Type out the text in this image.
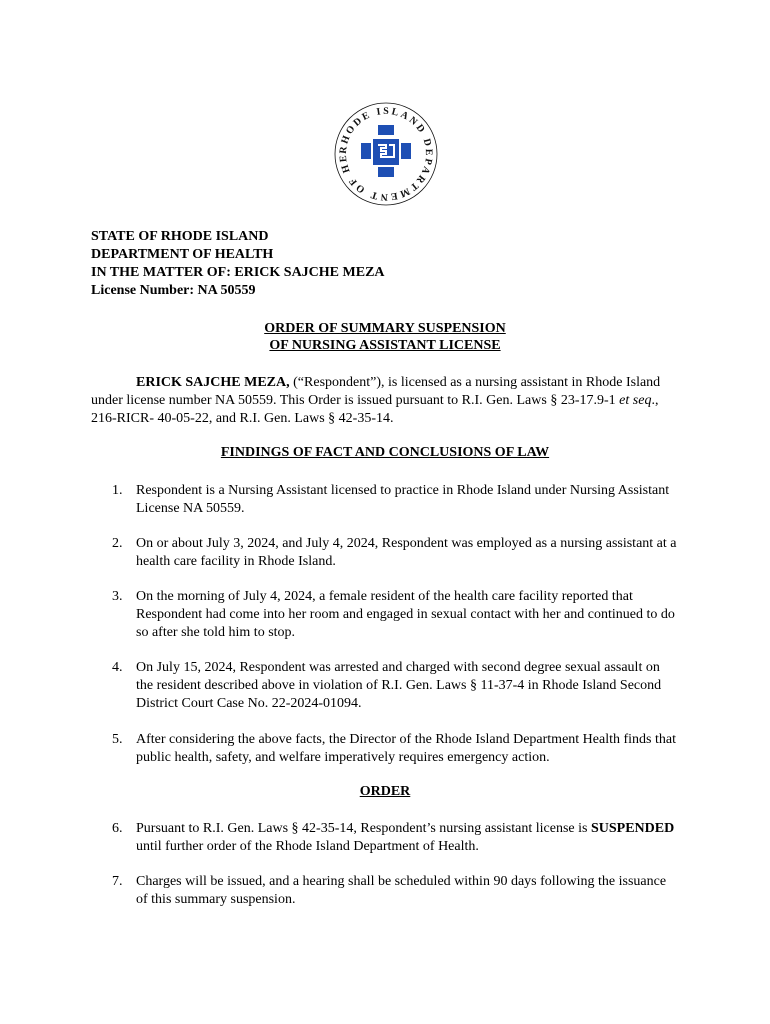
RHODE ISLAND DEPARTMENT OF HE
STATE OF RHODE ISLAND
DEPARTMENT OF HEALTH
IN THE MATTER OF: ERICK SAJCHE MEZA
License Number: NA 50559
ORDER OF SUMMARY SUSPENSION
OF NURSING ASSISTANT LICENSE
ERICK SAJCHE MEZA, (“Respondent”), is licensed as a nursing assistant in Rhode Island under license number NA 50559. This Order is issued pursuant to R.I. Gen. Laws § 23-17.9-1 et seq., 216-RICR- 40-05-22, and R.I. Gen. Laws § 42-35-14.
FINDINGS OF FACT AND CONCLUSIONS OF LAW
1. Respondent is a Nursing Assistant licensed to practice in Rhode Island under Nursing Assistant License NA 50559.
2. On or about July 3, 2024, and July 4, 2024, Respondent was employed as a nursing assistant at a health care facility in Rhode Island.
3. On the morning of July 4, 2024, a female resident of the health care facility reported that Respondent had come into her room and engaged in sexual contact with her and continued to do so after she told him to stop.
4. On July 15, 2024, Respondent was arrested and charged with second degree sexual assault on the resident described above in violation of R.I. Gen. Laws § 11-37-4 in Rhode Island Second District Court Case No. 22-2024-01094.
5. After considering the above facts, the Director of the Rhode Island Department Health finds that public health, safety, and welfare imperatively requires emergency action.
ORDER
6. Pursuant to R.I. Gen. Laws § 42-35-14, Respondent’s nursing assistant license is SUSPENDED until further order of the Rhode Island Department of Health.
7. Charges will be issued, and a hearing shall be scheduled within 90 days following the issuance of this summary suspension.
